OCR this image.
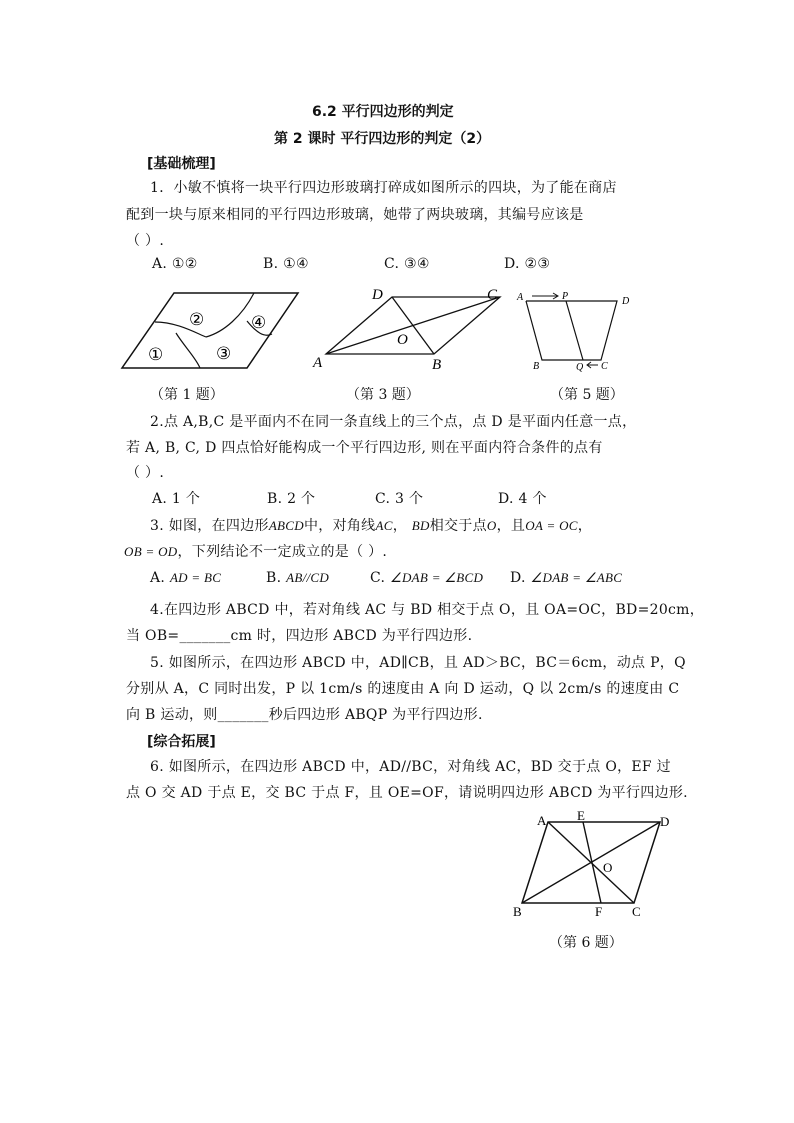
6.2 平行四边形的判定
第 2 课时 平行四边形的判定（2）
[基础梳理]
1．小敏不慎将一块平行四边形玻璃打碎成如图所示的四块，为了能在商店
配到一块与原来相同的平行四边形玻璃，她带了两块玻璃，其编号应该是
（ ）.
A. ①②	B. ①④	C. ③④	D. ②③
②	④
①	③
（第 1 题）
A	B
C
D
O
（第 3 题）
A	P	D
B	Q C
（第 5 题）
2.点 A,B,C 是平面内不在同一条直线上的三个点，点 D 是平面内任意一点，
若 A, B, C, D 四点恰好能构成一个平行四边形, 则在平面内符合条件的点有
（ ）.
A. 1 个	B. 2 个	C. 3 个	D. 4 个
3. 如图，在四边形ABCD中，对角线AC， BD相交于点O，且OA = OC，
OB = OD，下列结论不一定成立的是（ ）.
A. AD = BC	B. AB//CD	C. ∠DAB = ∠BCD D. ∠DAB = ∠ABC
4.在四边形 ABCD 中，若对角线 AC 与 BD 相交于点 O，且 OA=OC，BD=20cm，
当 OB=_______cm 时，四边形 ABCD 为平行四边形.
5. 如图所示，在四边形 ABCD 中，AD∥CB，且 AD＞BC，BC＝6cm，动点 P，Q
分别从 A，C 同时出发，P 以 1cm/s 的速度由 A 向 D 运动，Q 以 2cm/s 的速度由 C
向 B 运动，则_______秒后四边形 ABQP 为平行四边形.
[综合拓展]
6. 如图所示，在四边形 ABCD 中，AD//BC，对角线 AC，BD 交于点 O，EF 过
点 O 交 AD 于点 E，交 BC 于点 F，且 OE=OF，请说明四边形 ABCD 为平行四边形.
A E	D
B	F C
O
（第 6 题）
